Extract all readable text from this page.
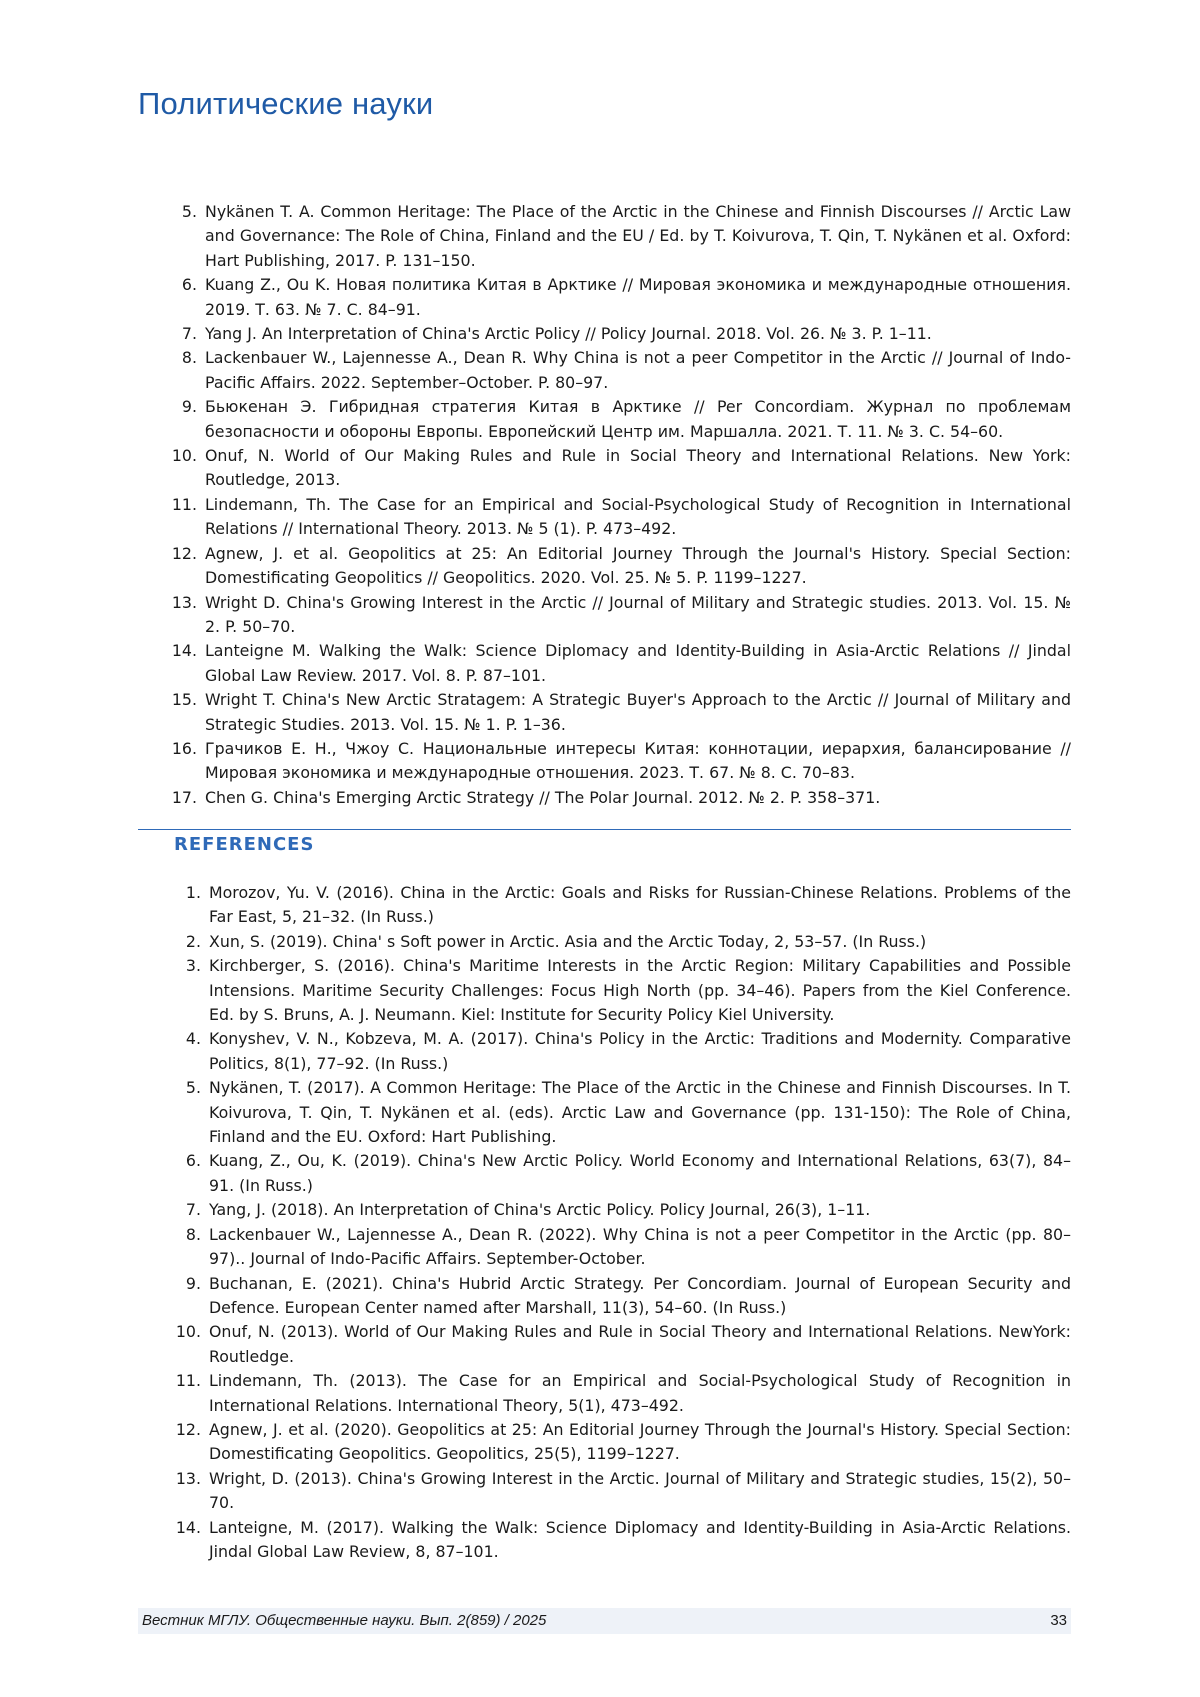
Политические науки
5. Nykänen T. A. Common Heritage: The Place of the Arctic in the Chinese and Finnish Discourses // Arctic Law and Governance: The Role of China, Finland and the EU / Ed. by T. Koivurova, T. Qin, T. Nykänen et al. Oxford: Hart Publishing, 2017. P. 131–150.
6. Kuang Z., Ou K. Новая политика Китая в Арктике // Мировая экономика и международные отношения. 2019. Т. 63. № 7. С. 84–91.
7. Yang J. An Interpretation of China's Arctic Policy // Policy Journal. 2018. Vol. 26. № 3. P. 1–11.
8. Lackenbauer W., Lajennesse A., Dean R. Why China is not a peer Competitor in the Arctic // Journal of Indo-Pacific Affairs. 2022. September–October. P. 80–97.
9. Бьюкенан Э. Гибридная стратегия Китая в Арктике // Per Concordiam. Журнал по проблемам безопасности и обороны Европы. Европейский Центр им. Маршалла. 2021. Т. 11. № 3. С. 54–60.
10. Onuf, N. World of Our Making Rules and Rule in Social Theory and International Relations. New York: Routledge, 2013.
11. Lindemann, Th. The Case for an Empirical and Social-Psychological Study of Recognition in International Relations // International Theory. 2013. № 5 (1). P. 473–492.
12. Agnew, J. et al. Geopolitics at 25: An Editorial Journey Through the Journal's History. Special Section: Domestificating Geopolitics // Geopolitics. 2020. Vol. 25. № 5. P. 1199–1227.
13. Wright D. China's Growing Interest in the Arctic // Journal of Military and Strategic studies. 2013. Vol. 15. № 2. P. 50–70.
14. Lanteigne M. Walking the Walk: Science Diplomacy and Identity-Building in Asia-Arctic Relations // Jindal Global Law Review. 2017. Vol. 8. P. 87–101.
15. Wright T. China's New Arctic Stratagem: A Strategic Buyer's Approach to the Arctic // Journal of Military and Strategic Studies. 2013. Vol. 15. № 1. P. 1–36.
16. Грачиков Е. Н., Чжоу С. Национальные интересы Китая: коннотации, иерархия, балансирование // Мировая экономика и международные отношения. 2023. Т. 67. № 8. С. 70–83.
17. Chen G. China's Emerging Arctic Strategy // The Polar Journal. 2012. № 2. P. 358–371.
REFERENCES
1. Morozov, Yu. V. (2016). China in the Arctic: Goals and Risks for Russian-Chinese Relations. Problems of the Far East, 5, 21–32. (In Russ.)
2. Xun, S. (2019). China' s Soft power in Arctic. Asia and the Arctic Today, 2, 53–57. (In Russ.)
3. Kirchberger, S. (2016). China's Maritime Interests in the Arctic Region: Military Capabilities and Possible Intensions. Maritime Security Challenges: Focus High North (pp. 34–46). Papers from the Kiel Conference. Ed. by S. Bruns, A. J. Neumann. Kiel: Institute for Security Policy Kiel University.
4. Konyshev, V. N., Kobzeva, M. A. (2017). China's Policy in the Arctic: Traditions and Modernity. Comparative Politics, 8(1), 77–92. (In Russ.)
5. Nykänen, T. (2017). A Common Heritage: The Place of the Arctic in the Chinese and Finnish Discourses. In T. Koivurova, T. Qin, T. Nykänen et al. (eds). Arctic Law and Governance (pp. 131-150): The Role of China, Finland and the EU. Oxford: Hart Publishing.
6. Kuang, Z., Ou, K. (2019). China's New Arctic Policy. World Economy and International Relations, 63(7), 84–91. (In Russ.)
7. Yang, J. (2018). An Interpretation of China's Arctic Policy. Policy Journal, 26(3), 1–11.
8. Lackenbauer W., Lajennesse A., Dean R. (2022). Why China is not a peer Competitor in the Arctic (pp. 80–97).. Journal of Indo-Pacific Affairs. September-October.
9. Buchanan, E. (2021). China's Hubrid Arctic Strategy. Per Concordiam. Journal of European Security and Defence. European Center named after Marshall, 11(3), 54–60. (In Russ.)
10. Onuf, N. (2013). World of Our Making Rules and Rule in Social Theory and International Relations. NewYork: Routledge.
11. Lindemann, Th. (2013). The Case for an Empirical and Social-Psychological Study of Recognition in International Relations. International Theory, 5(1), 473–492.
12. Agnew, J. et al. (2020). Geopolitics at 25: An Editorial Journey Through the Journal's History. Special Section: Domestificating Geopolitics. Geopolitics, 25(5), 1199–1227.
13. Wright, D. (2013). China's Growing Interest in the Arctic. Journal of Military and Strategic studies, 15(2), 50–70.
14. Lanteigne, M. (2017). Walking the Walk: Science Diplomacy and Identity-Building in Asia-Arctic Relations. Jindal Global Law Review, 8, 87–101.
Вестник МГЛУ. Общественные науки. Вып. 2(859) / 2025	33
